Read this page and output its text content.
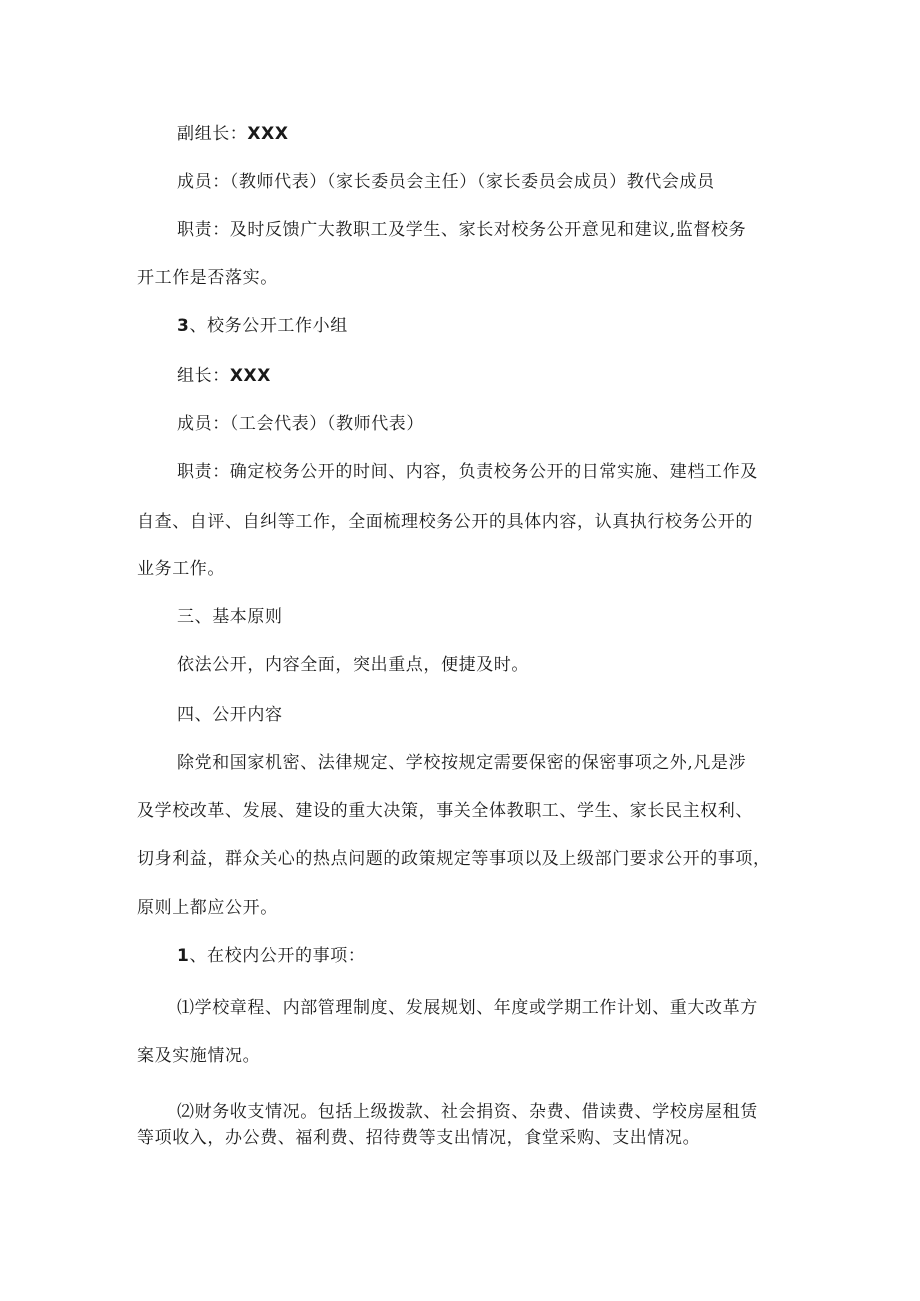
副组长：XXX
成员：（教师代表）（家长委员会主任）（家长委员会成员）教代会成员
职责：及时反馈广大教职工及学生、家长对校务公开意见和建议,监督校务
开工作是否落实。
3、校务公开工作小组
组长：XXX
成员：（工会代表）（教师代表）
职责：确定校务公开的时间、内容，负责校务公开的日常实施、建档工作及
自查、自评、自纠等工作，全面梳理校务公开的具体内容，认真执行校务公开的
业务工作。
三、基本原则
依法公开，内容全面，突出重点，便捷及时。
四、公开内容
除党和国家机密、法律规定、学校按规定需要保密的保密事项之外,凡是涉
及学校改革、发展、建设的重大决策，事关全体教职工、学生、家长民主权利、
切身利益，群众关心的热点问题的政策规定等事项以及上级部门要求公开的事项，
原则上都应公开。
1、在校内公开的事项：
⑴学校章程、内部管理制度、发展规划、年度或学期工作计划、重大改革方
案及实施情况。
⑵财务收支情况。包括上级拨款、社会捐资、杂费、借读费、学校房屋租赁
等项收入，办公费、福利费、招待费等支出情况，食堂采购、支出情况。
